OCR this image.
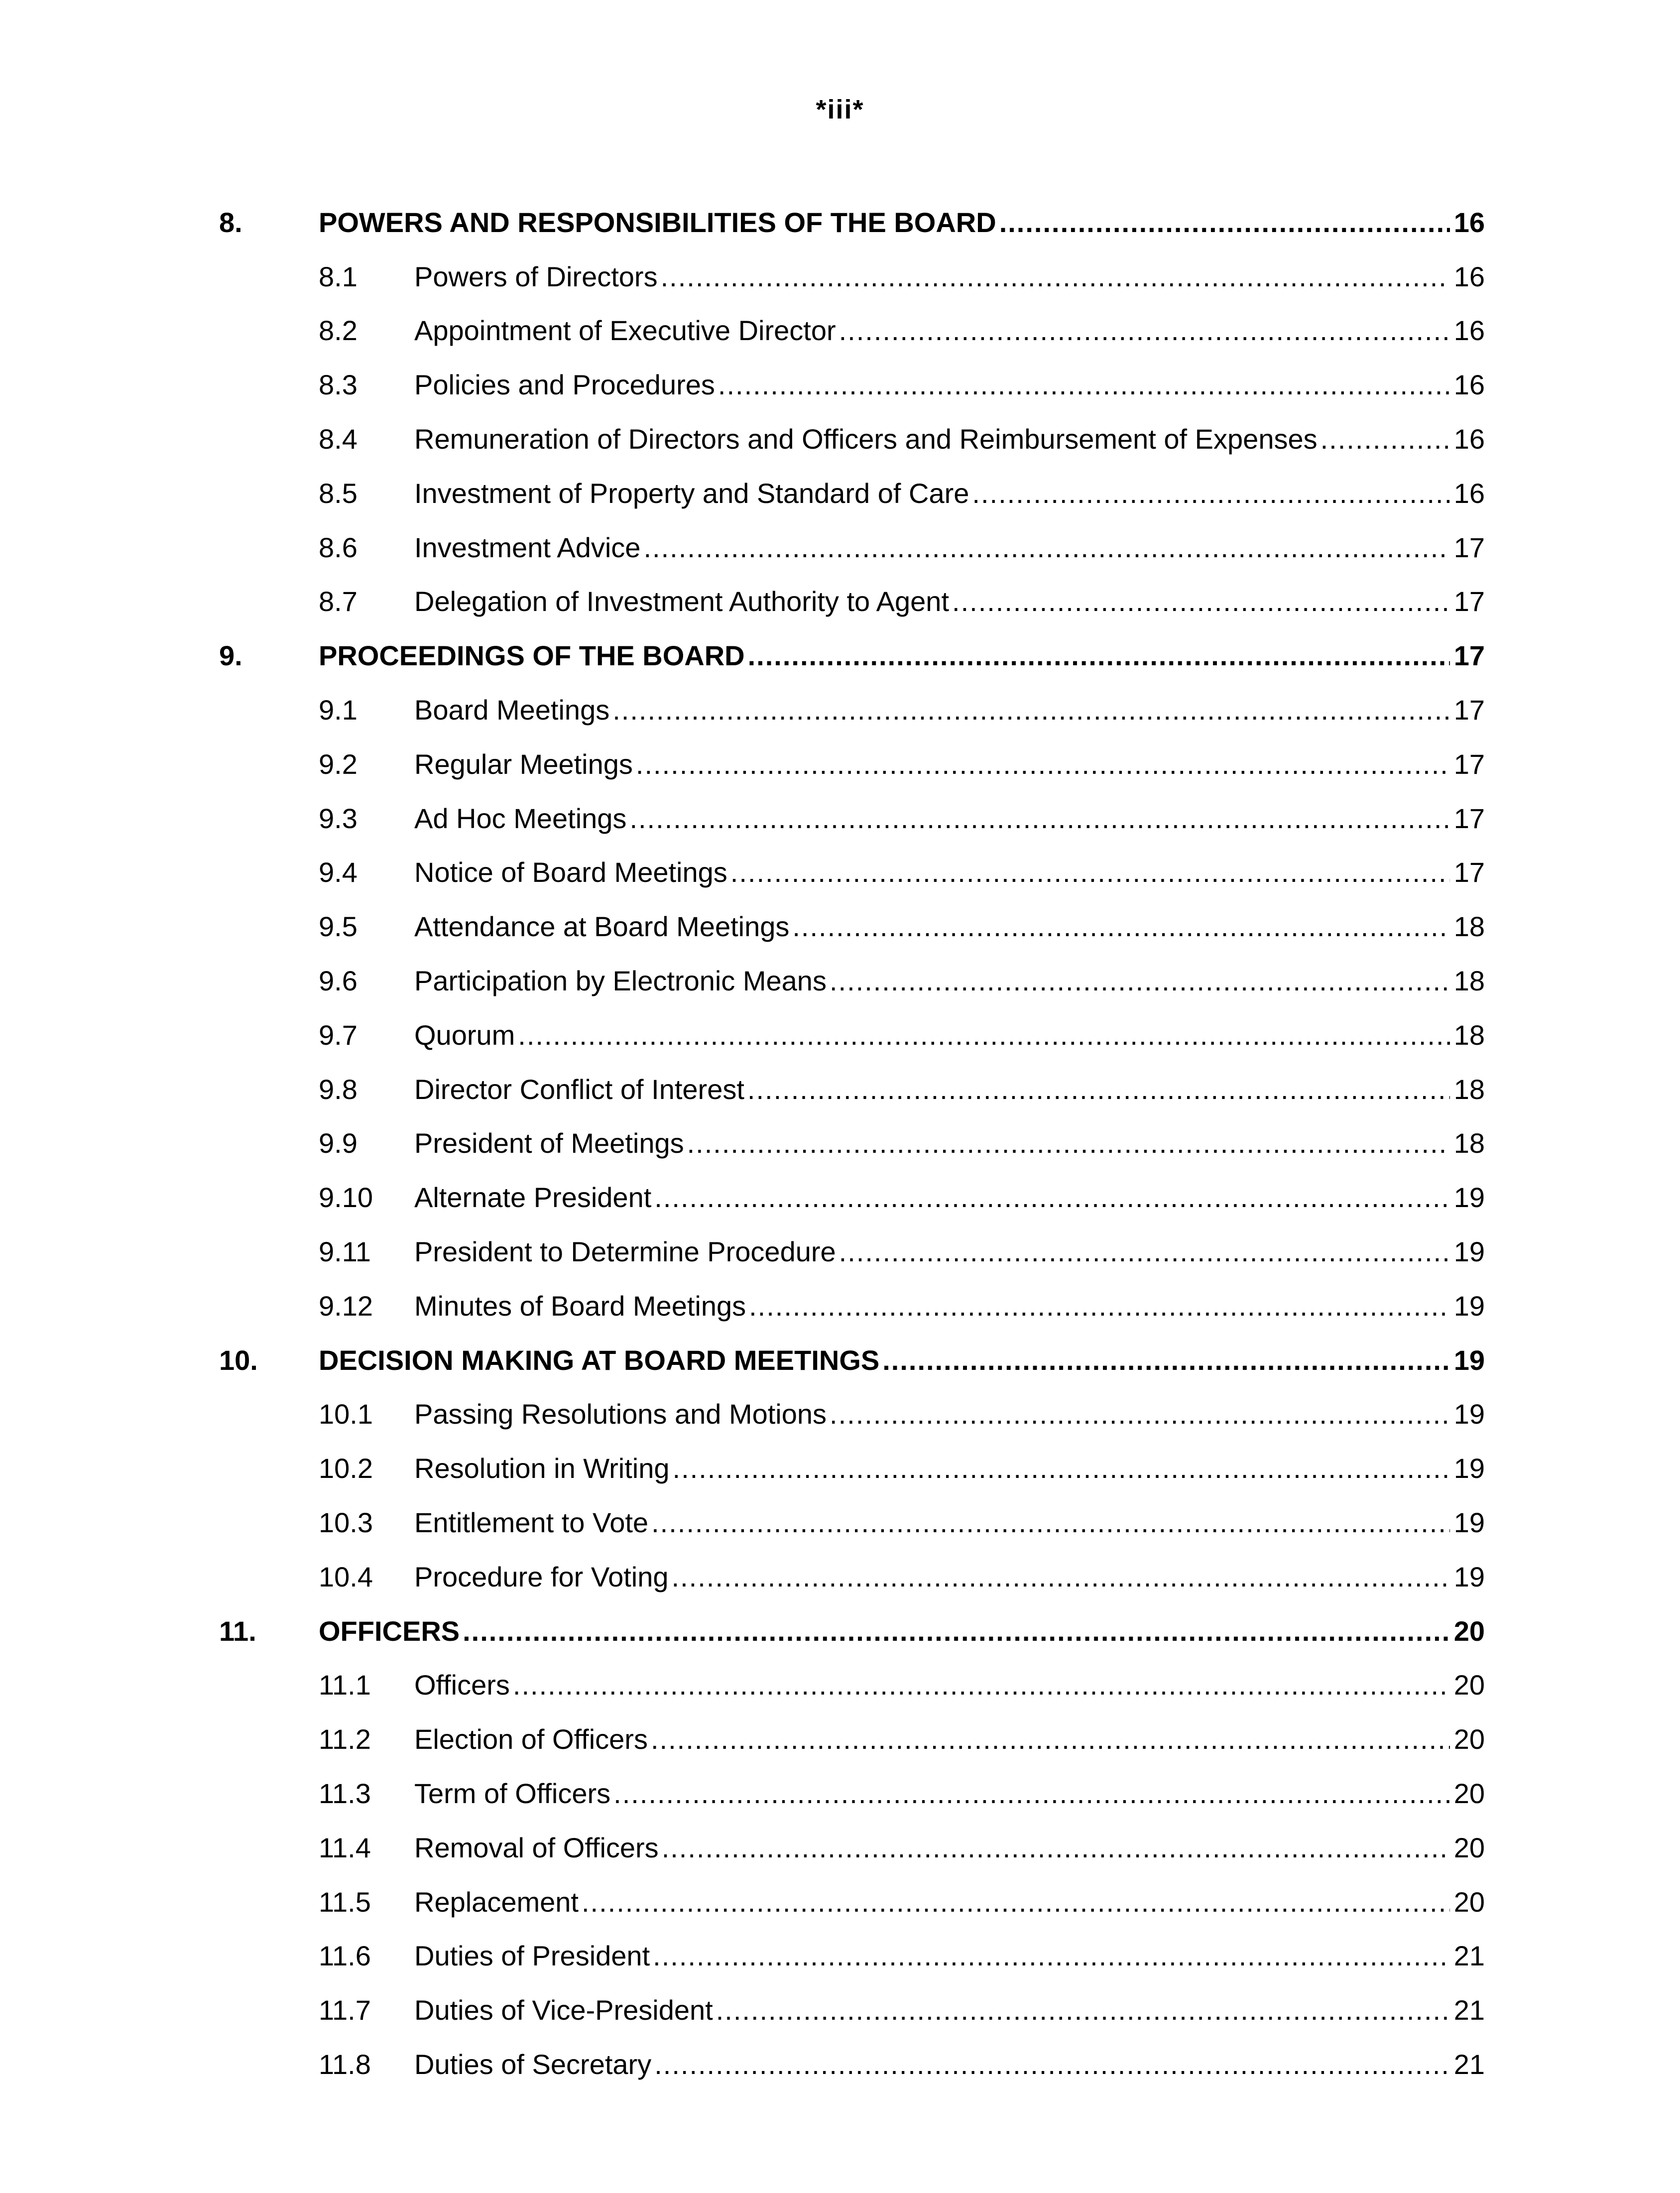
*iii*
8.	POWERS AND RESPONSIBILITIES OF THE BOARD .....	16
8.1 Powers of Directors .....	16
8.2 Appointment of Executive Director .....	16
8.3 Policies and Procedures .....	16
8.4 Remuneration of Directors and Officers and Reimbursement of Expenses .....	16
8.5 Investment of Property and Standard of Care .....	16
8.6 Investment Advice .....	17
8.7 Delegation of Investment Authority to Agent .....	17
9.	PROCEEDINGS OF THE BOARD .....	17
9.1 Board Meetings .....	17
9.2 Regular Meetings .....	17
9.3 Ad Hoc Meetings .....	17
9.4 Notice of Board Meetings .....	17
9.5 Attendance at Board Meetings .....	18
9.6 Participation by Electronic Means .....	18
9.7 Quorum .....	18
9.8 Director Conflict of Interest .....	18
9.9 President of Meetings .....	18
9.10 Alternate President .....	19
9.11 President to Determine Procedure .....	19
9.12 Minutes of Board Meetings .....	19
10. DECISION MAKING AT BOARD MEETINGS .....	19
10.1 Passing Resolutions and Motions .....	19
10.2 Resolution in Writing .....	19
10.3 Entitlement to Vote .....	19
10.4 Procedure for Voting .....	19
11. OFFICERS .....	20
11.1 Officers .....	20
11.2 Election of Officers .....	20
11.3 Term of Officers .....	20
11.4 Removal of Officers .....	20
11.5 Replacement .....	20
11.6 Duties of President .....	21
11.7 Duties of Vice-President .....	21
11.8 Duties of Secretary .....	21
